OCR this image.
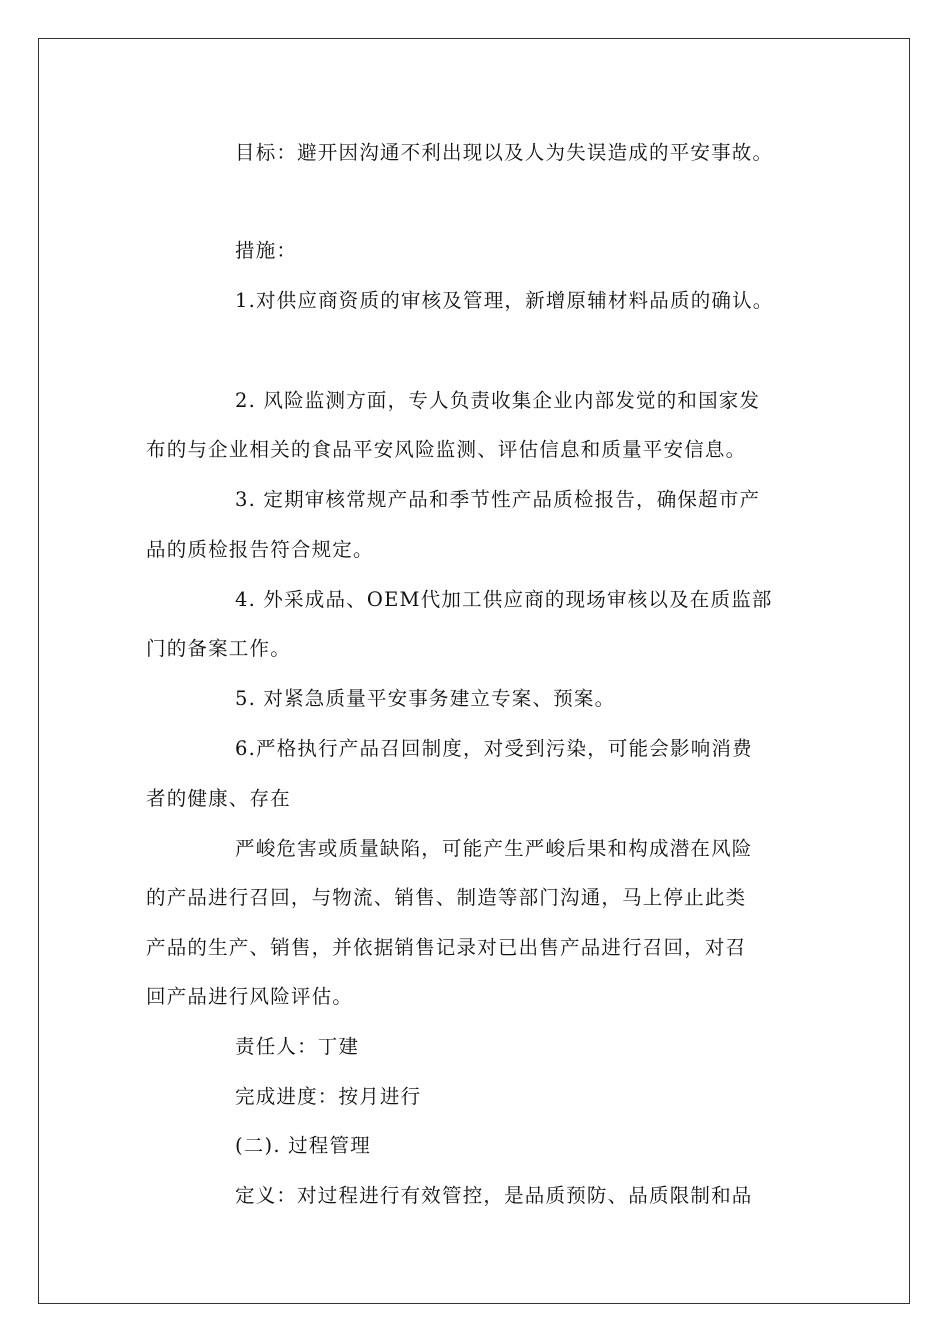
目标：避开因沟通不利出现以及人为失误造成的平安事故。
措施：
1.对供应商资质的审核及管理，新增原辅材料品质的确认。
2. 风险监测方面，专人负责收集企业内部发觉的和国家发
布的与企业相关的食品平安风险监测、评估信息和质量平安信息。
3. 定期审核常规产品和季节性产品质检报告，确保超市产
品的质检报告符合规定。
4. 外采成品、OEM代加工供应商的现场审核以及在质监部
门的备案工作。
5. 对紧急质量平安事务建立专案、预案。
6.严格执行产品召回制度，对受到污染，可能会影响消费
者的健康、存在
严峻危害或质量缺陷，可能产生严峻后果和构成潜在风险
的产品进行召回，与物流、销售、制造等部门沟通，马上停止此类
产品的生产、销售，并依据销售记录对已出售产品进行召回，对召
回产品进行风险评估。
责任人：丁建
完成进度：按月进行
(二). 过程管理
定义：对过程进行有效管控，是品质预防、品质限制和品
